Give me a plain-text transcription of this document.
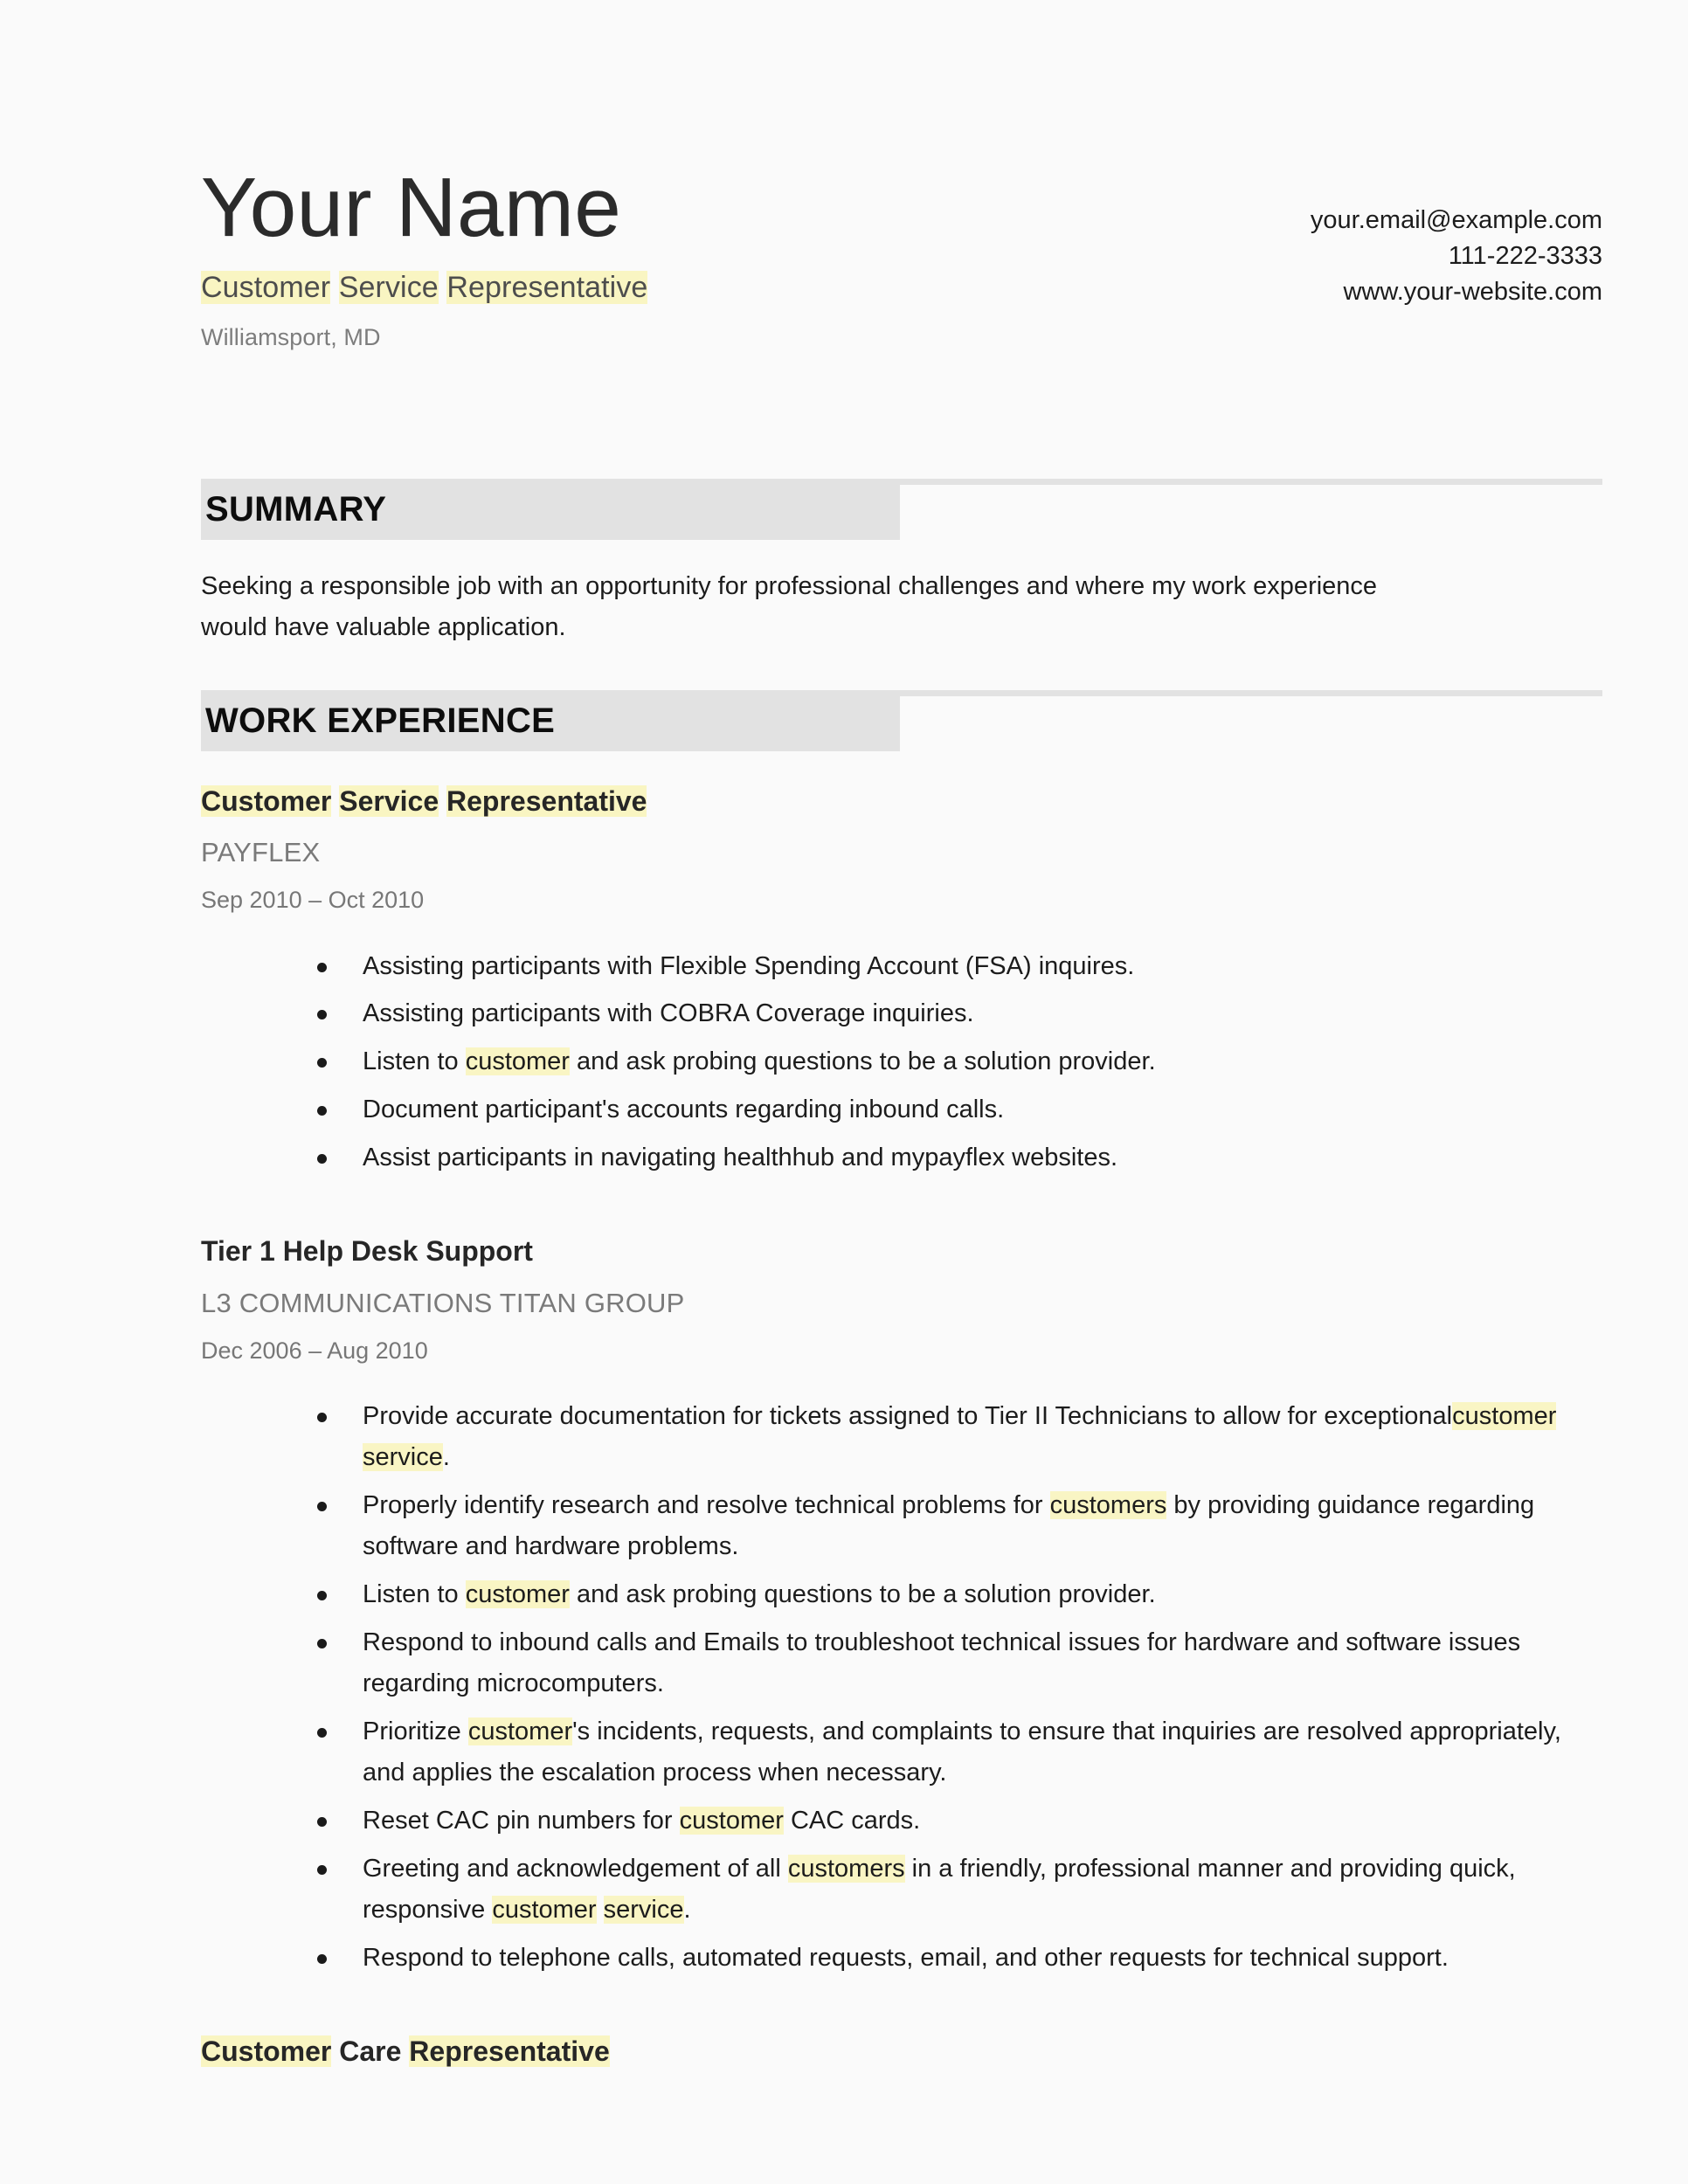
Your Name

Customer Service Representative

Williamsport, MD

your.email@example.com
111-222-3333
www.your-website.com
SUMMARY

Seeking a responsible job with an opportunity for professional challenges and where my work experience would have valuable application.

WORK EXPERIENCE
Customer Service Representative
PAYFLEX
Sep 2010 – Oct 2010
Assisting participants with Flexible Spending Account (FSA) inquires.
Assisting participants with COBRA Coverage inquiries.
Listen to customer and ask probing questions to be a solution provider.
Document participant's accounts regarding inbound calls.
Assist participants in navigating healthhub and mypayflex websites.
Tier 1 Help Desk Support
L3 COMMUNICATIONS TITAN GROUP
Dec 2006 – Aug 2010
Provide accurate documentation for tickets assigned to Tier II Technicians to allow for exceptionalcustomer service.
Properly identify research and resolve technical problems for customers by providing guidance regarding software and hardware problems.
Listen to customer and ask probing questions to be a solution provider.
Respond to inbound calls and Emails to troubleshoot technical issues for hardware and software issues regarding microcomputers.
Prioritize customer's incidents, requests, and complaints to ensure that inquiries are resolved appropriately, and applies the escalation process when necessary.
Reset CAC pin numbers for customer CAC cards.
Greeting and acknowledgement of all customers in a friendly, professional manner and providing quick, responsive customer service.
Respond to telephone calls, automated requests, email, and other requests for technical support.
Customer Care Representative
